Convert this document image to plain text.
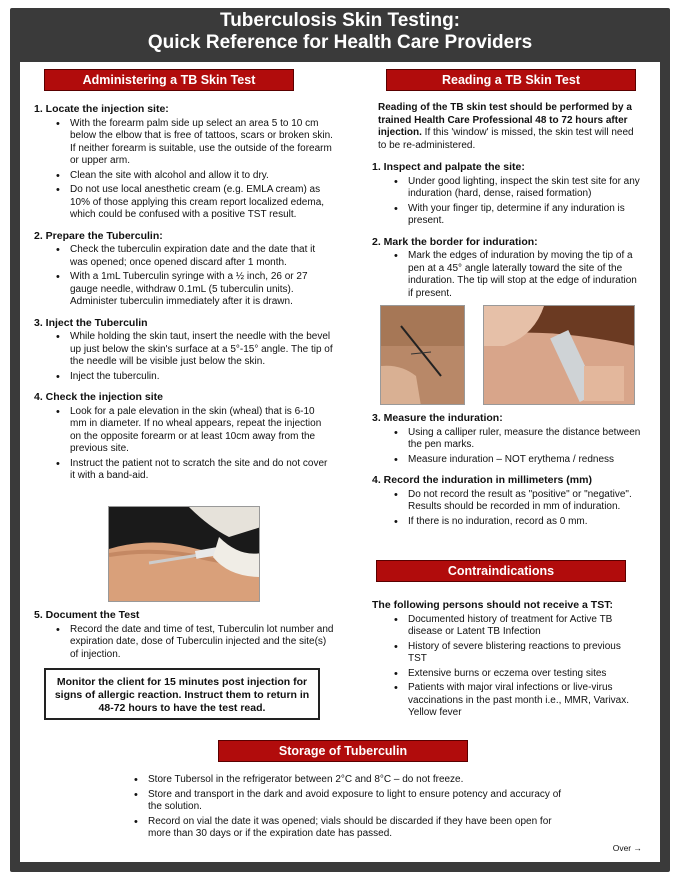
Tuberculosis Skin Testing:
Quick Reference for Health Care Providers
Administering a TB Skin Test
1. Locate the injection site:
• With the forearm palm side up select an area 5 to 10 cm below the elbow that is free of tattoos, scars or broken skin. If neither forearm is suitable, use the outside of the forearm or upper arm.
• Clean the site with alcohol and allow it to dry.
• Do not use local anesthetic cream (e.g. EMLA cream) as 10% of those applying this cream report localized edema, which could be confused with a positive TST result.
2. Prepare the Tuberculin:
• Check the tuberculin expiration date and the date that it was opened; once opened discard after 1 month.
• With a 1mL Tuberculin syringe with a ½ inch, 26 or 27 gauge needle, withdraw 0.1mL (5 tuberculin units). Administer tuberculin immediately after it is drawn.
3. Inject the Tuberculin
• While holding the skin taut, insert the needle with the bevel up just below the skin's surface at a 5°-15° angle. The tip of the needle will be visible just below the skin.
• Inject the tuberculin.
4. Check the injection site
• Look for a pale elevation in the skin (wheal) that is 6-10 mm in diameter. If no wheal appears, repeat the injection on the opposite forearm or at least 10cm away from the previous site.
• Instruct the patient not to scratch the site and do not cover it with a band-aid.
5. Document the Test
• Record the date and time of test, Tuberculin lot number and expiration date, dose of Tuberculin injected and the site(s) of injection.
Monitor the client for 15 minutes post injection for signs of allergic reaction. Instruct them to return in 48-72 hours to have the test read.
Reading a TB Skin Test
Reading of the TB skin test should be performed by a trained Health Care Professional 48 to 72 hours after injection. If this 'window' is missed, the skin test will need to be re-administered.
1. Inspect and palpate the site:
• Under good lighting, inspect the skin test site for any induration (hard, dense, raised formation)
• With your finger tip, determine if any induration is present.
2. Mark the border for induration:
• Mark the edges of induration by moving the tip of a pen at a 45° angle laterally toward the site of the induration. The tip will stop at the edge of induration if present.
3. Measure the induration:
• Using a calliper ruler, measure the distance between the pen marks.
• Measure induration – NOT erythema / redness
4. Record the induration in millimeters (mm)
• Do not record the result as "positive" or "negative". Results should be recorded in mm of induration.
• If there is no induration, record as 0 mm.
Contraindications
The following persons should not receive a TST:
• Documented history of treatment for Active TB disease or Latent TB Infection
• History of severe blistering reactions to previous TST
• Extensive burns or eczema over testing sites
• Patients with major viral infections or live-virus vaccinations in the past month i.e., MMR, Varivax. Yellow fever
Storage of Tuberculin
• Store Tubersol in the refrigerator between 2°C and 8°C – do not freeze.
• Store and transport in the dark and avoid exposure to light to ensure potency and accuracy of the solution.
• Record on vial the date it was opened; vials should be discarded if they have been open for more than 30 days or if the expiration date has passed.
Over →
